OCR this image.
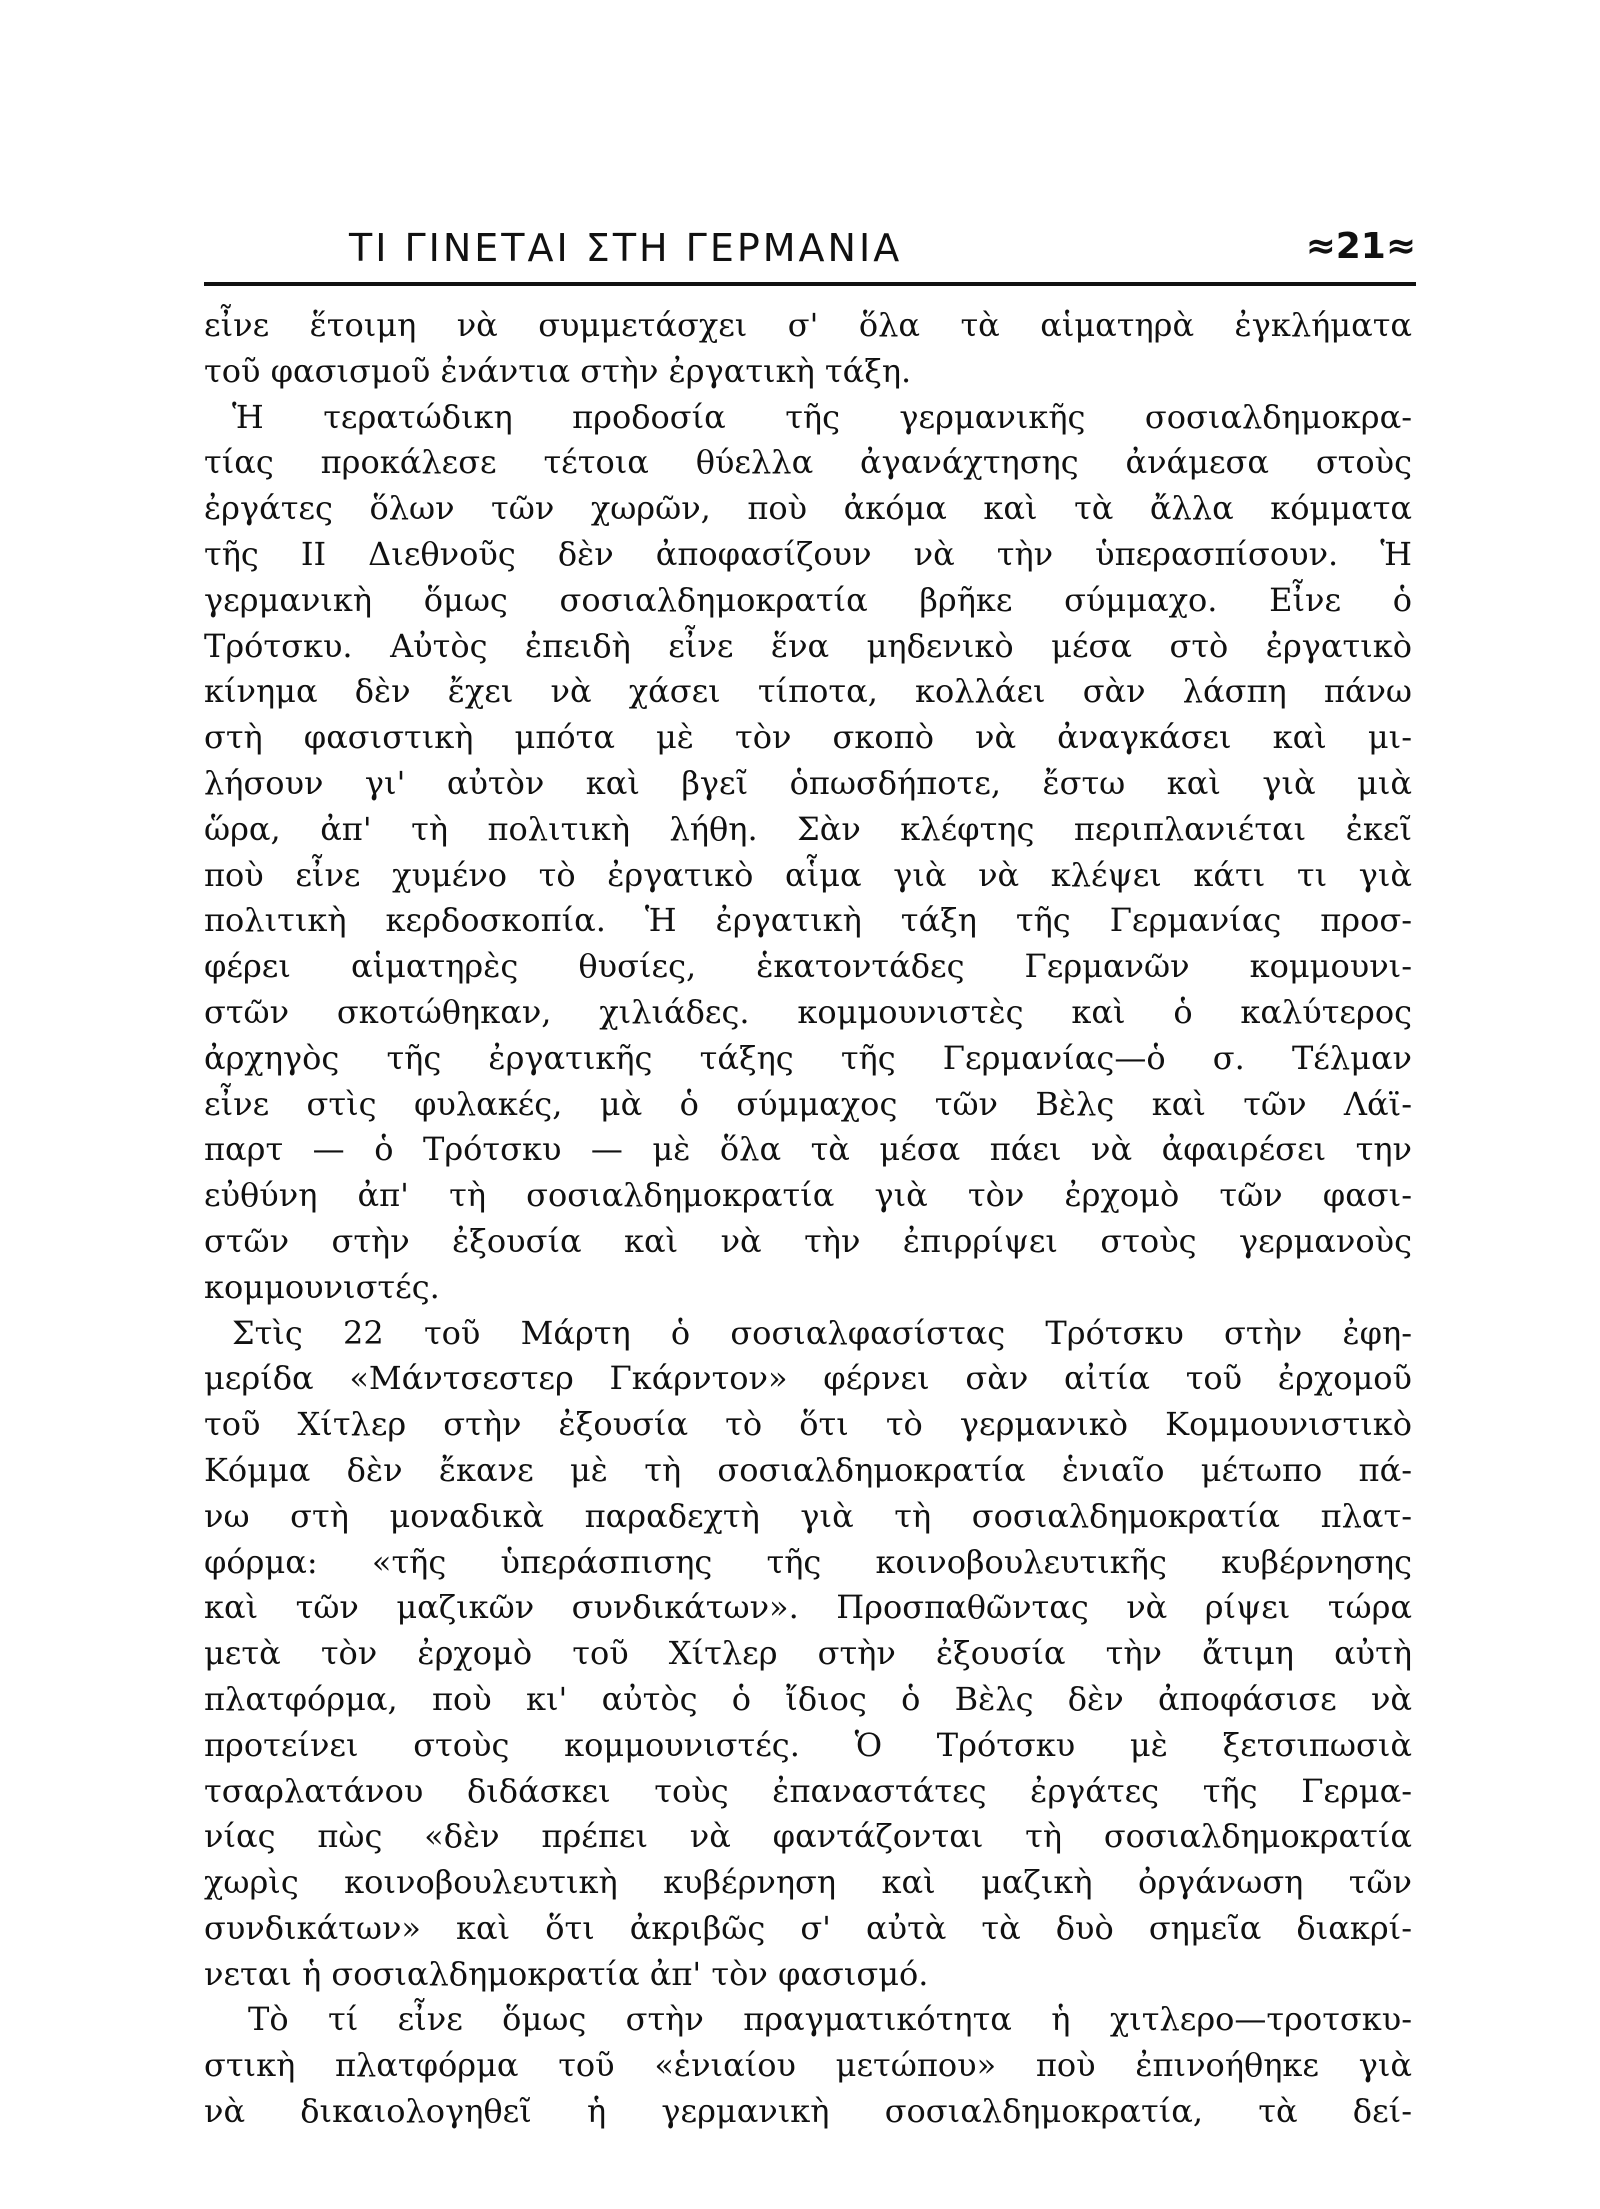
ΤΙ ΓΙΝΕΤΑΙ ΣΤΗ ΓΕΡΜΑΝΙΑ	≈21≈
εἶνε ἕτοιμη νὰ συμμετάσχει σ' ὅλα τὰ αἱματηρὰ ἐγκλήματα
τοῦ φασισμοῦ ἐνάντια στὴν ἐργατικὴ τάξη.
Ἡ τερατώδικη προδοσία τῆς γερμανικῆς σοσιαλδημοκρα-
τίας προκάλεσε τέτοια θύελλα ἀγανάχτησης ἀνάμεσα στοὺς
ἐργάτες ὅλων τῶν χωρῶν, ποὺ ἀκόμα καὶ τὰ ἄλλα κόμματα
τῆς ΙΙ Διεθνοῦς δὲν ἀποφασίζουν νὰ τὴν ὑπερασπίσουν. Ἡ
γερμανικὴ ὅμως σοσιαλδημοκρατία βρῆκε σύμμαχο. Εἶνε ὁ
Τρότσκυ. Αὐτὸς ἐπειδὴ εἶνε ἕνα μηδενικὸ μέσα στὸ ἐργατικὸ
κίνημα δὲν ἔχει νὰ χάσει τίποτα, κολλάει σὰν λάσπη πάνω
στὴ φασιστικὴ μπότα μὲ τὸν σκοπὸ νὰ ἀναγκάσει καὶ μι-
λήσουν γι' αὐτὸν καὶ βγεῖ ὁπωσδήποτε, ἔστω καὶ γιὰ μιὰ
ὥρα, ἀπ' τὴ πολιτικὴ λήθη. Σὰν κλέφτης περιπλανιέται ἐκεῖ
ποὺ εἶνε χυμένο τὸ ἐργατικὸ αἷμα γιὰ νὰ κλέψει κάτι τι γιὰ
πολιτικὴ κερδοσκοπία. Ἡ ἐργατικὴ τάξη τῆς Γερμανίας προσ-
φέρει αἱματηρὲς θυσίες, ἑκατοντάδες Γερμανῶν κομμουνι-
στῶν σκοτώθηκαν, χιλιάδες. κομμουνιστὲς καὶ ὁ καλύτερος
ἀρχηγὸς τῆς ἐργατικῆς τάξης τῆς Γερμανίας—ὁ σ. Τέλμαν
εἶνε στὶς φυλακές, μὰ ὁ σύμμαχος τῶν Βὲλς καὶ τῶν Λάϊ-
παρτ — ὁ Τρότσκυ — μὲ ὅλα τὰ μέσα πάει νὰ ἀφαιρέσει την
εὐθύνη ἀπ' τὴ σοσιαλδημοκρατία γιὰ τὸν ἐρχομὸ τῶν φασι-
στῶν στὴν ἐξουσία καὶ νὰ τὴν ἐπιρρίψει στοὺς γερμανοὺς
κομμουνιστές.
Στὶς 22 τοῦ Μάρτη ὁ σοσιαλφασίστας Τρότσκυ στὴν ἐφη-
μερίδα «Μάντσεστερ Γκάρντον» φέρνει σὰν αἰτία τοῦ ἐρχομοῦ
τοῦ Χίτλερ στὴν ἐξουσία τὸ ὅτι τὸ γερμανικὸ Κομμουνιστικὸ
Κόμμα δὲν ἔκανε μὲ τὴ σοσιαλδημοκρατία ἑνιαῖο μέτωπο πά-
νω στὴ μοναδικὰ παραδεχτὴ γιὰ τὴ σοσιαλδημοκρατία πλατ-
φόρμα: «τῆς ὑπεράσπισης τῆς κοινοβουλευτικῆς κυβέρνησης
καὶ τῶν μαζικῶν συνδικάτων». Προσπαθῶντας νὰ ρίψει τώρα
μετὰ τὸν ἐρχομὸ τοῦ Χίτλερ στὴν ἐξουσία τὴν ἄτιμη αὐτὴ
πλατφόρμα, ποὺ κι' αὐτὸς ὁ ἴδιος ὁ Βὲλς δὲν ἀποφάσισε νὰ
προτείνει στοὺς κομμουνιστές. Ὁ Τρότσκυ μὲ ξετσιπωσιὰ
τσαρλατάνου διδάσκει τοὺς ἐπαναστάτες ἐργάτες τῆς Γερμα-
νίας πὼς «δὲν πρέπει νὰ φαντάζονται τὴ σοσιαλδημοκρατία
χωρὶς κοινοβουλευτικὴ κυβέρνηση καὶ μαζικὴ ὀργάνωση τῶν
συνδικάτων» καὶ ὅτι ἀκριβῶς σ' αὐτὰ τὰ δυὸ σημεῖα διακρί-
νεται ἡ σοσιαλδημοκρατία ἀπ' τὸν φασισμό.
Τὸ τί εἶνε ὅμως στὴν πραγματικότητα ἡ χιτλερο—τροτσκυ-
στικὴ πλατφόρμα τοῦ «ἑνιαίου μετώπου» ποὺ ἐπινοήθηκε γιὰ
νὰ δικαιολογηθεῖ ἡ γερμανικὴ σοσιαλδημοκρατία, τὰ δεί-
